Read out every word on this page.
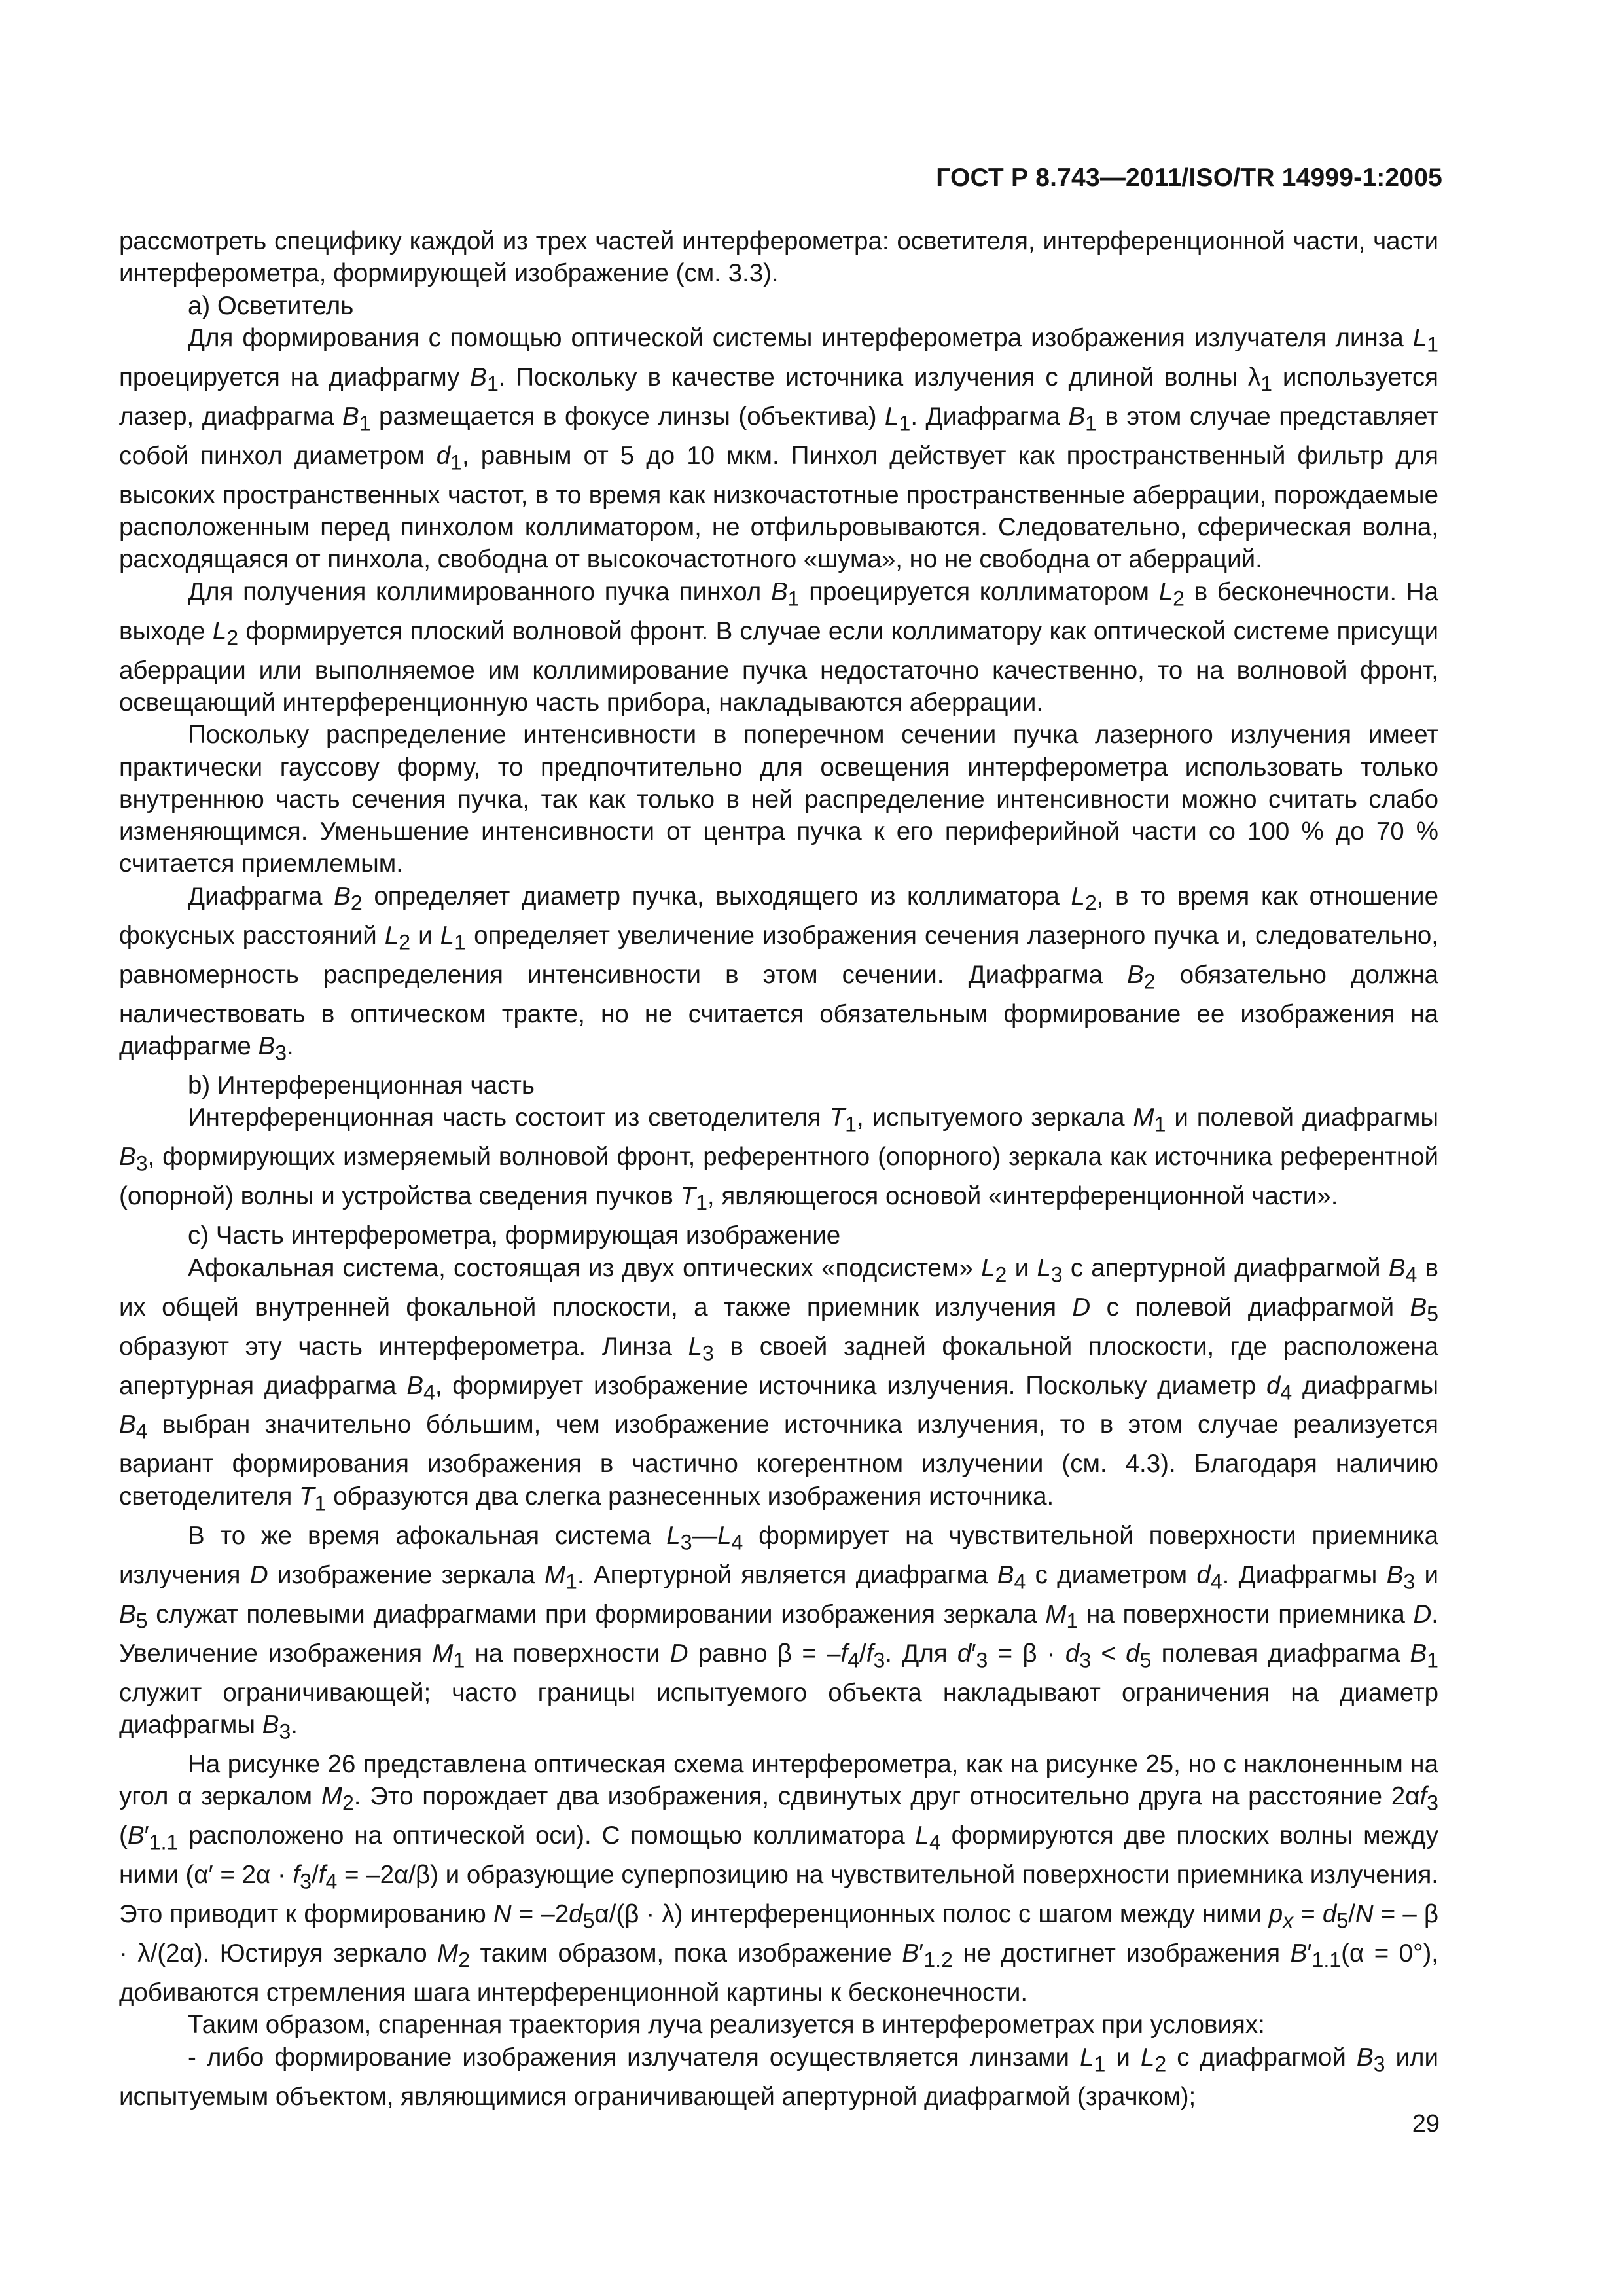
ГОСТ Р 8.743—2011/ISO/TR 14999-1:2005

рассмотреть специфику каждой из трех частей интерферометра: осветителя, интерференционной части, части интерферометра, формирующей изображение (см. 3.3).

а) Осветитель

Для формирования с помощью оптической системы интерферометра изображения излучателя линза $L_1$ проецируется на диафрагму $B_1$. Поскольку в качестве источника излучения с длиной волны $\lambda_1$ используется лазер, диафрагма $B_1$ размещается в фокусе линзы (объектива) $L_1$. Диафрагма $B_1$ в этом случае представляет собой пинхол диаметром $d_1$, равным от 5 до 10 мкм. Пинхол действует как пространственный фильтр для высоких пространственных частот, в то время как низкочастотные пространственные аберрации, порождаемые расположенным перед пинхолом коллиматором, не отфильровываются. Следовательно, сферическая волна, расходящаяся от пинхола, свободна от высокочастотного «шума», но не свободна от аберраций.

Для получения коллимированного пучка пинхол $B_1$ проецируется коллиматором $L_2$ в бесконечности. На выходе $L_2$ формируется плоский волновой фронт. В случае если коллиматору как оптической системе присущи аберрации или выполняемое им коллимирование пучка недостаточно качественно, то на волновой фронт, освещающий интерференционную часть прибора, накладываются аберрации.

Поскольку распределение интенсивности в поперечном сечении пучка лазерного излучения имеет практически гауссову форму, то предпочтительно для освещения интерферометра использовать только внутреннюю часть сечения пучка, так как только в ней распределение интенсивности можно считать слабо изменяющимся. Уменьшение интенсивности от центра пучка к его периферийной части со 100 % до 70 % считается приемлемым.

Диафрагма $B_2$ определяет диаметр пучка, выходящего из коллиматора $L_2$, в то время как отношение фокусных расстояний $L_2$ и $L_1$ определяет увеличение изображения сечения лазерного пучка и, следовательно, равномерность распределения интенсивности в этом сечении. Диафрагма $B_2$ обязательно должна наличествовать в оптическом тракте, но не считается обязательным формирование ее изображения на диафрагме $B_3$.

b) Интерференционная часть

Интерференционная часть состоит из светоделителя $T_1$, испытуемого зеркала $M_1$ и полевой диафрагмы $B_3$, формирующих измеряемый волновой фронт, референтного (опорного) зеркала как источника референтной (опорной) волны и устройства сведения пучков $T_1$, являющегося основой «интерференционной части».

с) Часть интерферометра, формирующая изображение

Афокальная система, состоящая из двух оптических «подсистем» $L_2$ и $L_3$ с апертурной диафрагмой $B_4$ в их общей внутренней фокальной плоскости, а также приемник излучения D с полевой диафрагмой $B_5$ образуют эту часть интерферометра. Линза $L_3$ в своей задней фокальной плоскости, где расположена апертурная диафрагма $B_4$, формирует изображение источника излучения. Поскольку диаметр $d_4$ диафрагмы $B_4$ выбран значительно бо́льшим, чем изображение источника излучения, то в этом случае реализуется вариант формирования изображения в частично когерентном излучении (см. 4.3). Благодаря наличию светоделителя $T_1$ образуются два слегка разнесенных изображения источника.

В то же время афокальная система $L_3—L_4$ формирует на чувствительной поверхности приемника излучения D изображение зеркала $M_1$. Апертурной является диафрагма $B_4$ с диаметром $d_4$. Диафрагмы $B_3$ и $B_5$ служат полевыми диафрагмами при формировании изображения зеркала $M_1$ на поверхности приемника D. Увеличение изображения $M_1$ на поверхности D равно $\beta = -f_4/f_3$. Для $d'_3 = \beta \cdot d_3 < d_5$ полевая диафрагма $B_1$ служит ограничивающей; часто границы испытуемого объекта накладывают ограничения на диаметр диафрагмы $B_3$.

На рисунке 26 представлена оптическая схема интерферометра, как на рисунке 25, но с наклоненным на угол α зеркалом $M_2$. Это порождает два изображения, сдвинутых друг относительно друга на расстояние $2\alpha f_3$ ($B'_{1.1}$ расположено на оптической оси). С помощью коллиматора $L_4$ формируются две плоских волны между ними $(\alpha' = 2\alpha \cdot f_3/f_4 = -2\alpha/\beta)$ и образующие суперпозицию на чувствительной поверхности приемника излучения. Это приводит к формированию $N = -2d_5\alpha/(\beta \cdot \lambda)$ интерференционных полос с шагом между ними $p_x = d_5/N$ = – β · λ/(2α). Юстируя зеркало $M_2$ таким образом, пока изображение $B'_{1.2}$ не достигнет изображения $B'_{1.1}(\alpha = 0^\circ)$, добиваются стремления шага интерференционной картины к бесконечности.

Таким образом, спаренная траектория луча реализуется в интерферометрах при условиях:

- либо формирование изображения излучателя осуществляется линзами $L_1$ и $L_2$ с диафрагмой $B_3$ или испытуемым объектом, являющимися ограничивающей апертурной диафрагмой (зрачком);

29
